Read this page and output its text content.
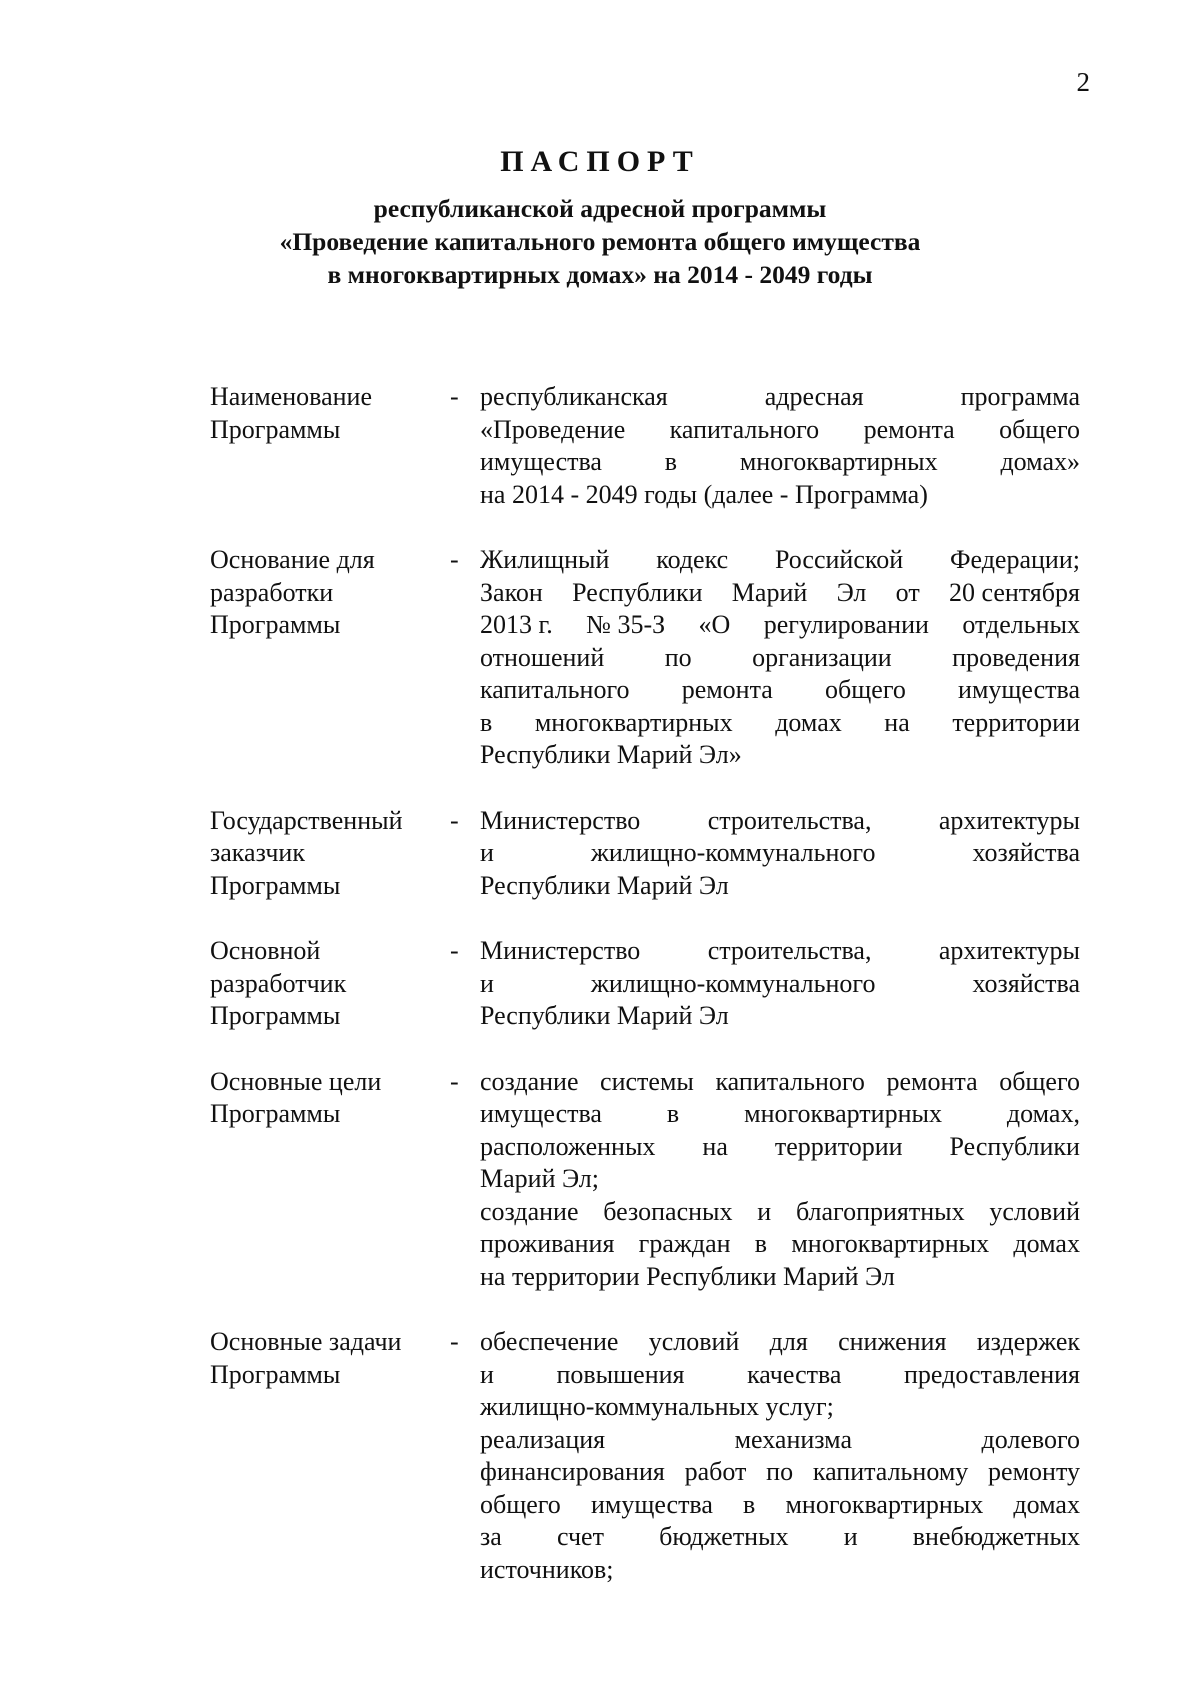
2
ПАСПОРТ
республиканской адресной программы
«Проведение капитального ремонта общего имущества
в многоквартирных домах» на 2014 - 2049 годы
Наименование
Программы
- республиканская	адресная	программа
«Проведение капитального ремонта общего
имущества в многоквартирных домах»
на 2014 - 2049 годы (далее - Программа)
Основание для
разработки
Программы
- Жилищный кодекс Российской Федерации;
Закон Республики Марий Эл от 20 сентября
2013 г. № 35-З «О регулировании отдельных
отношений по организации проведения
капитального ремонта общего имущества
в многоквартирных домах на территории
Республики Марий Эл»
Государственный
заказчик
Программы
- Министерство	строительства,	архитектуры
и	жилищно-коммунального	хозяйства
Республики Марий Эл
Основной
разработчик
Программы
- Министерство	строительства,	архитектуры
и	жилищно-коммунального	хозяйства
Республики Марий Эл
Основные цели
Программы
- создание системы капитального ремонта общего
имущества в многоквартирных домах,
расположенных на территории Республики
Марий Эл;
создание безопасных и благоприятных условий
проживания граждан в многоквартирных домах
на территории Республики Марий Эл
Основные задачи
Программы
- обеспечение условий для снижения издержек
и повышения качества предоставления
жилищно-коммунальных услуг;
реализация	механизма	долевого
финансирования работ по капитальному ремонту
общего имущества в многоквартирных домах
за счет бюджетных и внебюджетных
источников;
